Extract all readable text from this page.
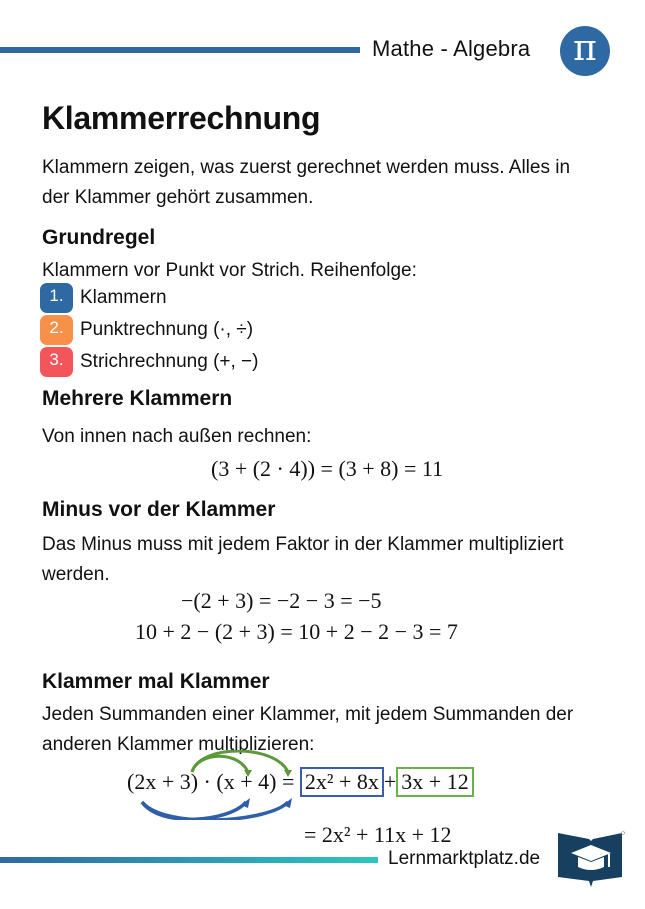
Mathe - Algebra π
Klammerrechnung

Klammern zeigen, was zuerst gerechnet werden muss. Alles in der Klammer gehört zusammen.

Grundregel

Klammern vor Punkt vor Strich. Reihenfolge:

1. Klammern
2. Punktrechnung (·, ÷)
3. Strichrechnung (+, −)
Mehrere Klammern

Von innen nach außen rechnen:

(3 + (2 · 4)) = (3 + 8) = 11
Minus vor der Klammer

Das Minus muss mit jedem Faktor in der Klammer multipliziert werden.

−(2 + 3) = −2 − 3 = −5
10 + 2 − (2 + 3) = 10 + 2 − 2 − 3 = 7
Klammer mal Klammer

Jeden Summanden einer Klammer, mit jedem Summanden der anderen Klammer multiplizieren:

(2x + 3) · (x + 4) = 2x² + 8x + 3x + 12
= 2x² + 11x + 12
Lernmarktplatz.de
